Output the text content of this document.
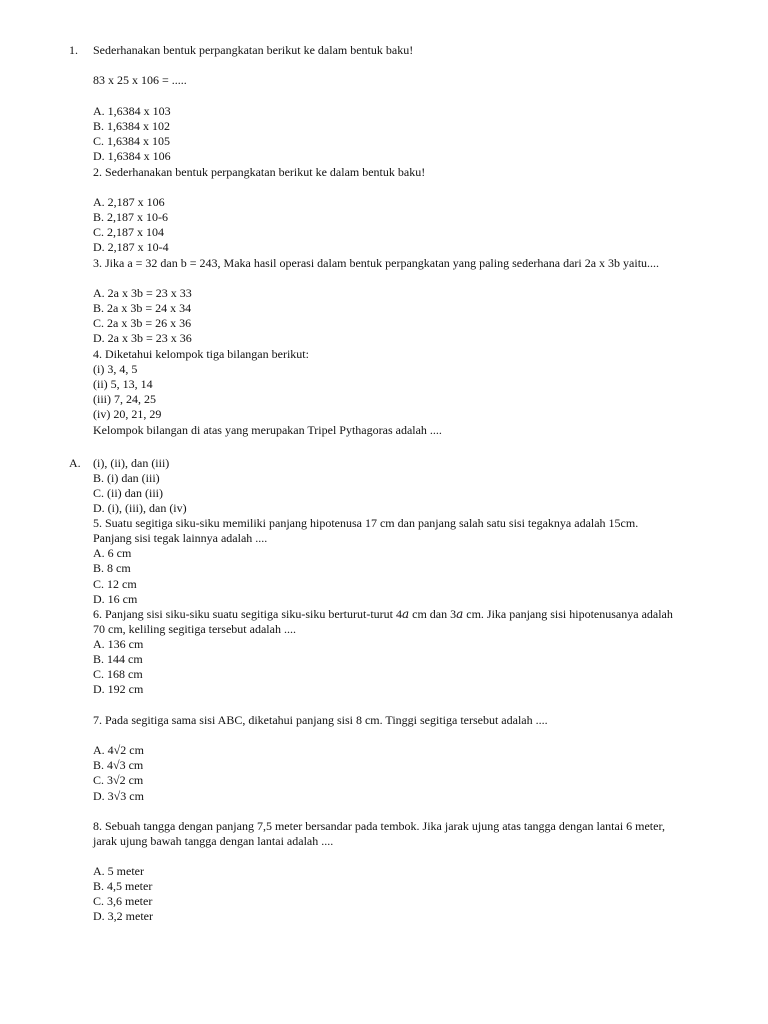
1. Sederhanakan bentuk perpangkatan berikut ke dalam bentuk baku!
83 x 25 x 106 = .....
A. 1,6384 x 103
B. 1,6384 x 102
C. 1,6384 x 105
D. 1,6384 x 106
2. Sederhanakan bentuk perpangkatan berikut ke dalam bentuk baku!
A. 2,187 x 106
B. 2,187 x 10-6
C. 2,187 x 104
D. 2,187 x 10-4
3. Jika a = 32 dan b = 243, Maka hasil operasi dalam bentuk perpangkatan yang paling sederhana dari 2a x 3b yaitu....
A. 2a x 3b = 23 x 33
B. 2a x 3b = 24 x 34
C. 2a x 3b = 26 x 36
D. 2a x 3b = 23 x 36
4. Diketahui kelompok tiga bilangan berikut:
(i) 3, 4, 5
(ii) 5, 13, 14
(iii) 7, 24, 25
(iv) 20, 21, 29
Kelompok bilangan di atas yang merupakan Tripel Pythagoras adalah ....
A. (i), (ii), dan (iii)
B. (i) dan (iii)
C. (ii) dan (iii)
D. (i), (iii), dan (iv)
5. Suatu segitiga siku-siku memiliki panjang hipotenusa 17 cm dan panjang salah satu sisi tegaknya adalah 15cm.
Panjang sisi tegak lainnya adalah ....
A. 6 cm
B. 8 cm
C. 12 cm
D. 16 cm
6. Panjang sisi siku-siku suatu segitiga siku-siku berturut-turut 4𝑎 cm dan 3𝑎 cm. Jika panjang sisi hipotenusanya adalah
70 cm, keliling segitiga tersebut adalah ....
A. 136 cm
B. 144 cm
C. 168 cm
D. 192 cm
7. Pada segitiga sama sisi ABC, diketahui panjang sisi 8 cm. Tinggi segitiga tersebut adalah ....
A. 4√2 cm
B. 4√3 cm
C. 3√2 cm
D. 3√3 cm
8. Sebuah tangga dengan panjang 7,5 meter bersandar pada tembok. Jika jarak ujung atas tangga dengan lantai 6 meter,
jarak ujung bawah tangga dengan lantai adalah ....
A. 5 meter
B. 4,5 meter
C. 3,6 meter
D. 3,2 meter
